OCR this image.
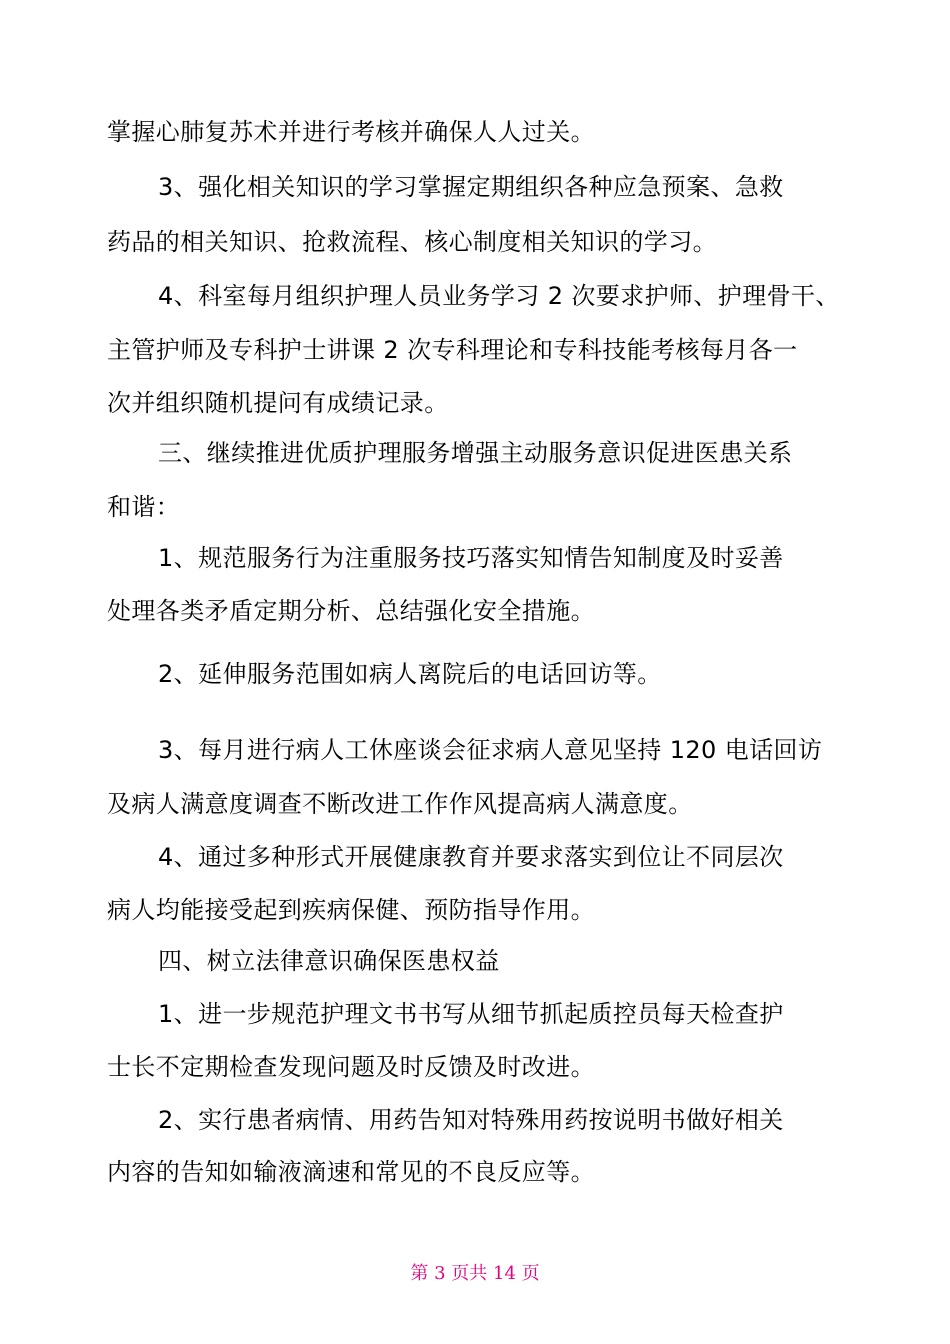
掌握心肺复苏术并进行考核并确保人人过关。
3、强化相关知识的学习掌握定期组织各种应急预案、急救
药品的相关知识、抢救流程、核心制度相关知识的学习。
4、科室每月组织护理人员业务学习 2 次要求护师、护理骨干、
主管护师及专科护士讲课 2 次专科理论和专科技能考核每月各一
次并组织随机提问有成绩记录。
三、继续推进优质护理服务增强主动服务意识促进医患关系
和谐：
1、规范服务行为注重服务技巧落实知情告知制度及时妥善
处理各类矛盾定期分析、总结强化安全措施。
2、延伸服务范围如病人离院后的电话回访等。
3、每月进行病人工休座谈会征求病人意见坚持 120 电话回访
及病人满意度调查不断改进工作作风提高病人满意度。
4、通过多种形式开展健康教育并要求落实到位让不同层次
病人均能接受起到疾病保健、预防指导作用。
四、树立法律意识确保医患权益
1、进一步规范护理文书书写从细节抓起质控员每天检查护
士长不定期检查发现问题及时反馈及时改进。
2、实行患者病情、用药告知对特殊用药按说明书做好相关
内容的告知如输液滴速和常见的不良反应等。
第 3 页共 14 页
